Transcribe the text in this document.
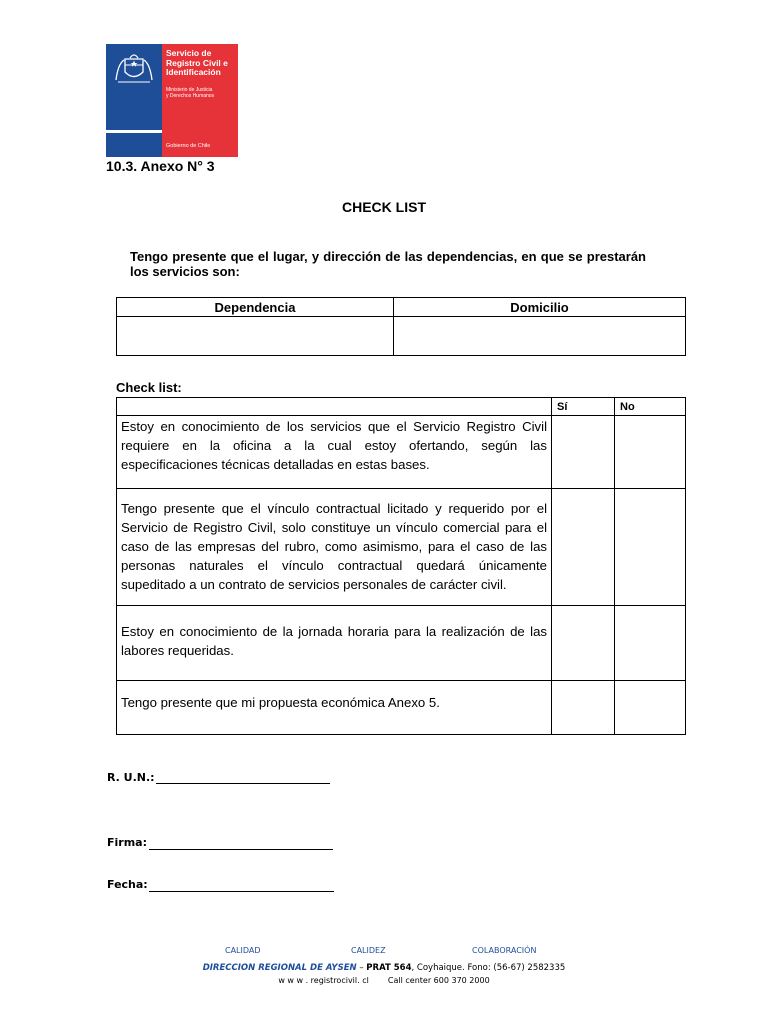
Servicio de
Registro Civil e
Identificación
Ministerio de Justicia
y Derechos Humanos
Gobierno de Chile
10.3. Anexo N° 3
CHECK LIST
Tengo presente que el lugar, y dirección de las dependencias, en que se prestarán los servicios son:
Dependencia	Domicilio

Check list:
	Sí	No
Estoy en conocimiento de los servicios que el Servicio Registro Civil requiere en la oficina a la cual estoy ofertando, según las especificaciones técnicas detalladas en estas bases.		
Tengo presente que el vínculo contractual licitado y requerido por el Servicio de Registro Civil, solo constituye un vínculo comercial para el caso de las empresas del rubro, como asimismo, para el caso de las personas naturales el vínculo contractual quedará únicamente supeditado a un contrato de servicios personales de carácter civil.		
Estoy en conocimiento de la jornada horaria para la realización de las labores requeridas.		
Tengo presente que mi propuesta económica Anexo 5.		
R. U.N.:
Firma:
Fecha:
CALIDAD	CALIDEZ	COLABORACIÓN
DIRECCION REGIONAL DE AYSEN – PRAT 564, Coyhaique. Fono: (56-67) 2582335
w w w . registrocivil. cl Call center 600 370 2000
